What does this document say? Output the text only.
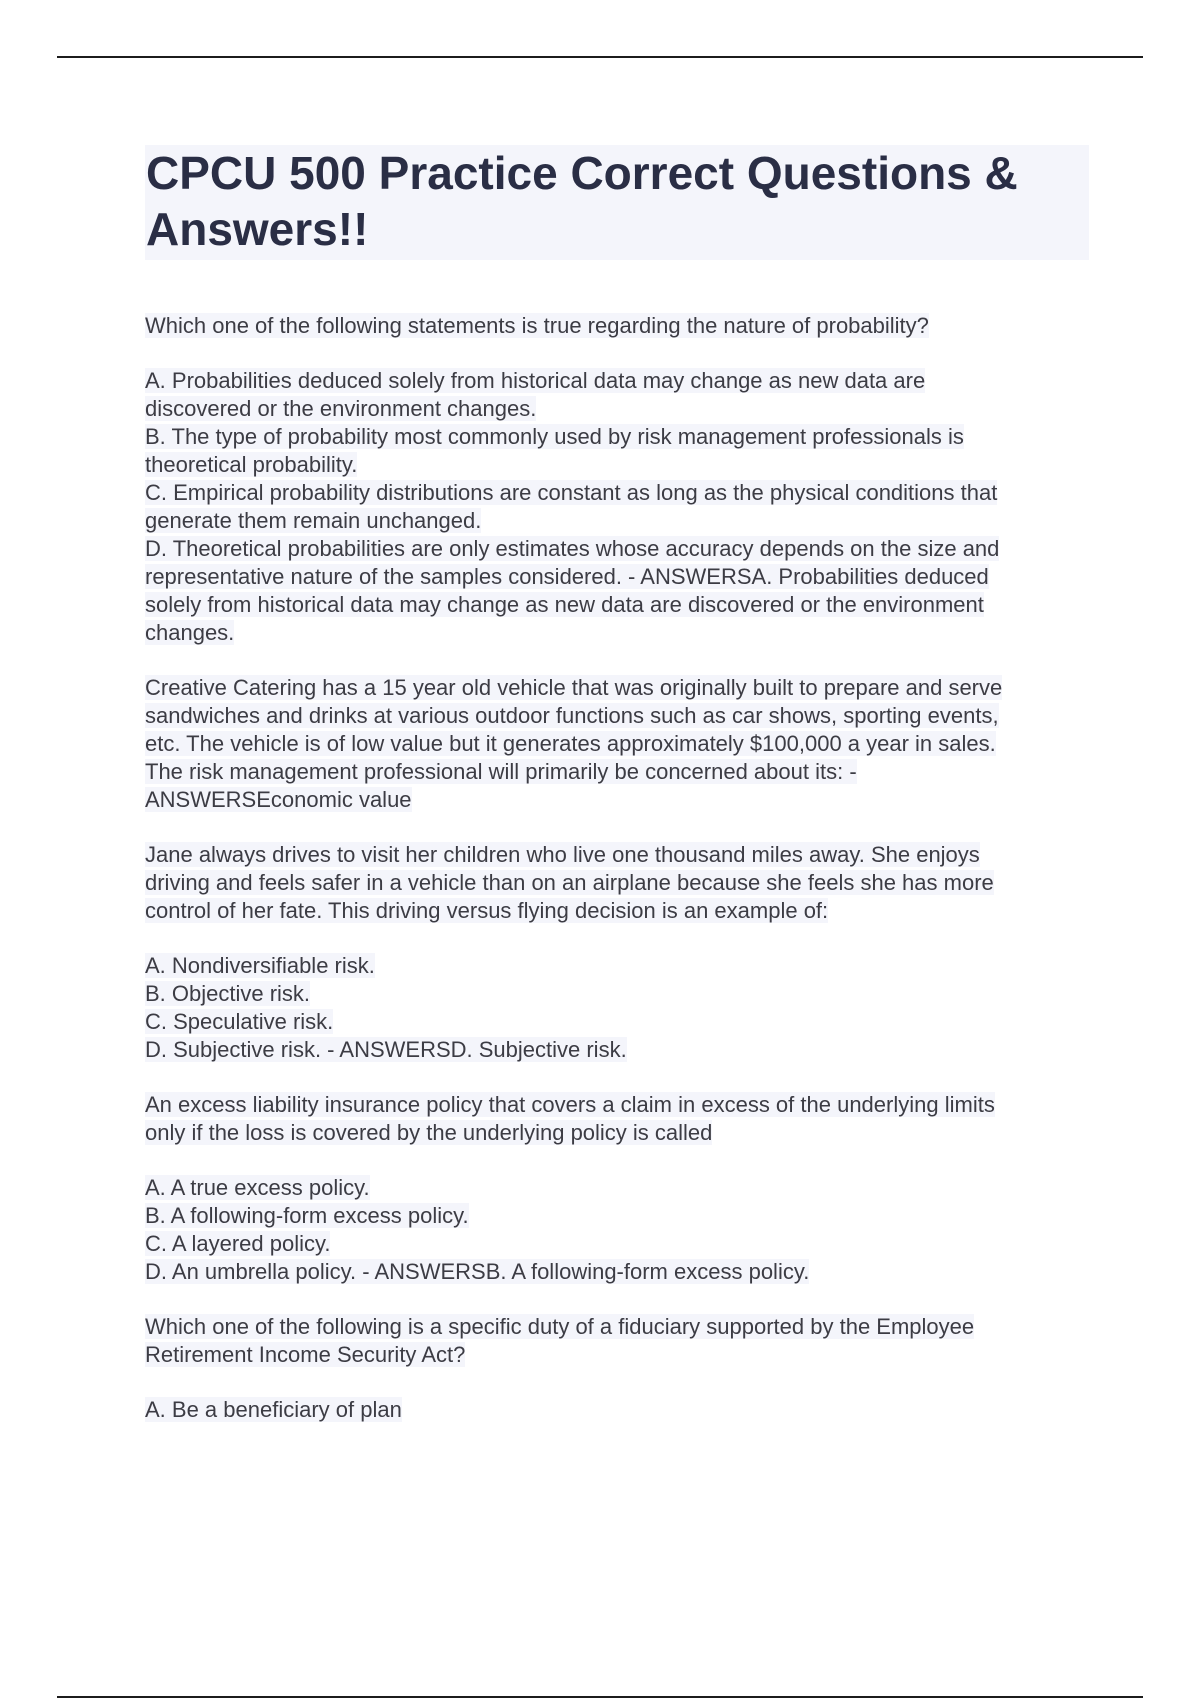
CPCU 500 Practice Correct Questions &
Answers!!
Which one of the following statements is true regarding the nature of probability?
A. Probabilities deduced solely from historical data may change as new data are
discovered or the environment changes.
B. The type of probability most commonly used by risk management professionals is
theoretical probability.
C. Empirical probability distributions are constant as long as the physical conditions that
generate them remain unchanged.
D. Theoretical probabilities are only estimates whose accuracy depends on the size and
representative nature of the samples considered. - ANSWERSA. Probabilities deduced
solely from historical data may change as new data are discovered or the environment
changes.
Creative Catering has a 15 year old vehicle that was originally built to prepare and serve
sandwiches and drinks at various outdoor functions such as car shows, sporting events,
etc. The vehicle is of low value but it generates approximately $100,000 a year in sales.
The risk management professional will primarily be concerned about its: -
ANSWERSEconomic value
Jane always drives to visit her children who live one thousand miles away. She enjoys
driving and feels safer in a vehicle than on an airplane because she feels she has more
control of her fate. This driving versus flying decision is an example of:
A. Nondiversifiable risk.
B. Objective risk.
C. Speculative risk.
D. Subjective risk. - ANSWERSD. Subjective risk.
An excess liability insurance policy that covers a claim in excess of the underlying limits
only if the loss is covered by the underlying policy is called
A. A true excess policy.
B. A following-form excess policy.
C. A layered policy.
D. An umbrella policy. - ANSWERSB. A following-form excess policy.
Which one of the following is a specific duty of a fiduciary supported by the Employee
Retirement Income Security Act?
A. Be a beneficiary of plan
